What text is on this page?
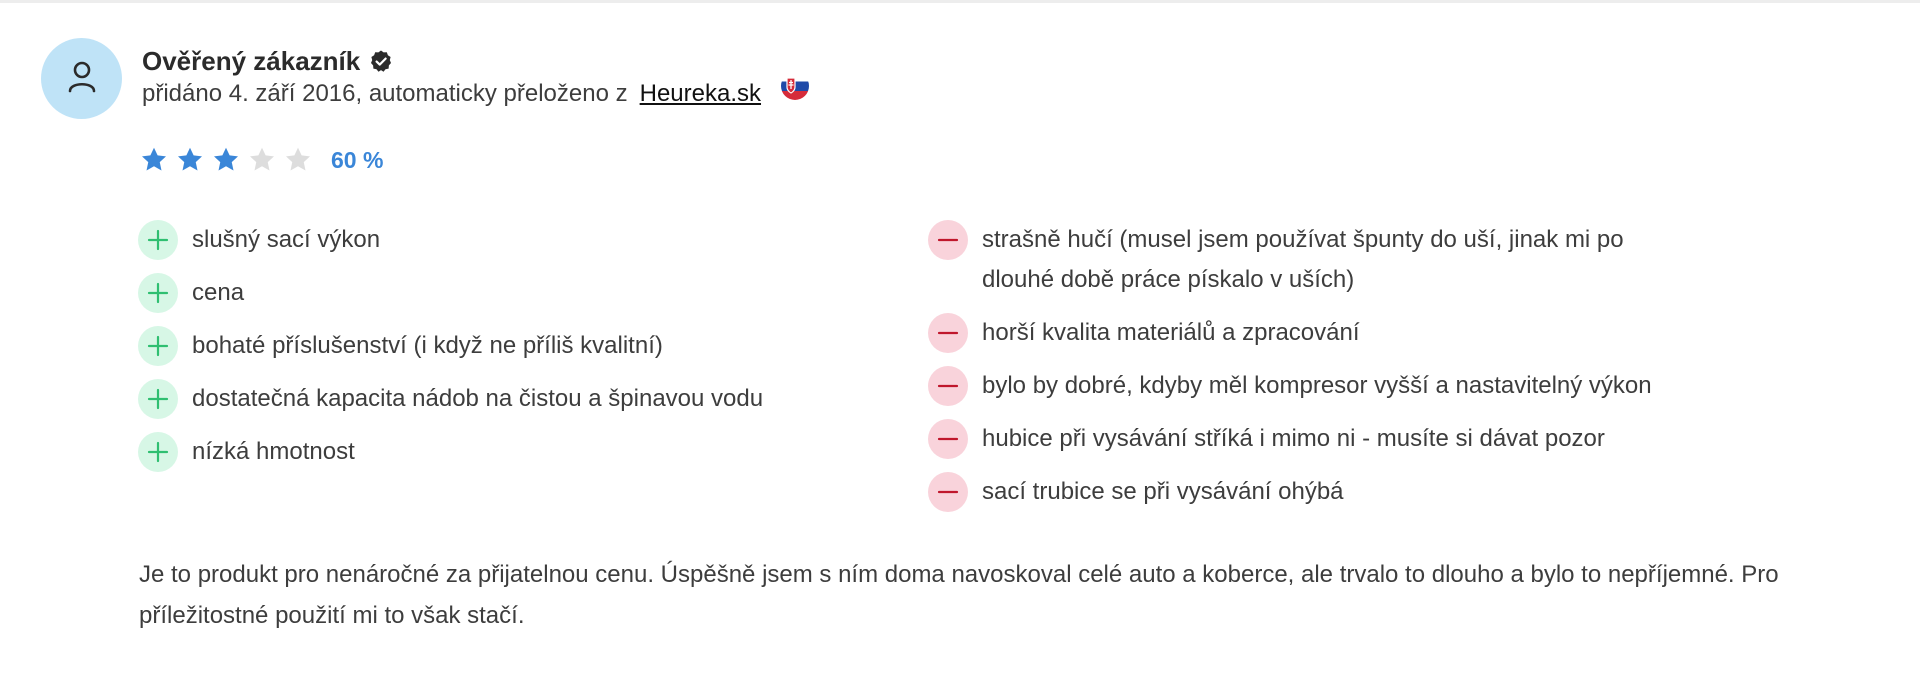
Ověřený zákazník
přidáno 4. září 2016, automaticky přeloženo z Heureka.sk
60 %
slušný sací výkon
cena
bohaté příslušenství (i když ne příliš kvalitní)
dostatečná kapacita nádob na čistou a špinavou vodu
nízká hmotnost
strašně hučí (musel jsem používat špunty do uší, jinak mi po dlouhé době práce pískalo v uších)
horší kvalita materiálů a zpracování
bylo by dobré, kdyby měl kompresor vyšší a nastavitelný výkon
hubice při vysávání stříká i mimo ni - musíte si dávat pozor
sací trubice se při vysávání ohýbá

Je to produkt pro nenáročné za přijatelnou cenu. Úspěšně jsem s ním doma navoskoval celé auto a koberce, ale trvalo to dlouho a bylo to nepříjemné. Pro příležitostné použití mi to však stačí.
